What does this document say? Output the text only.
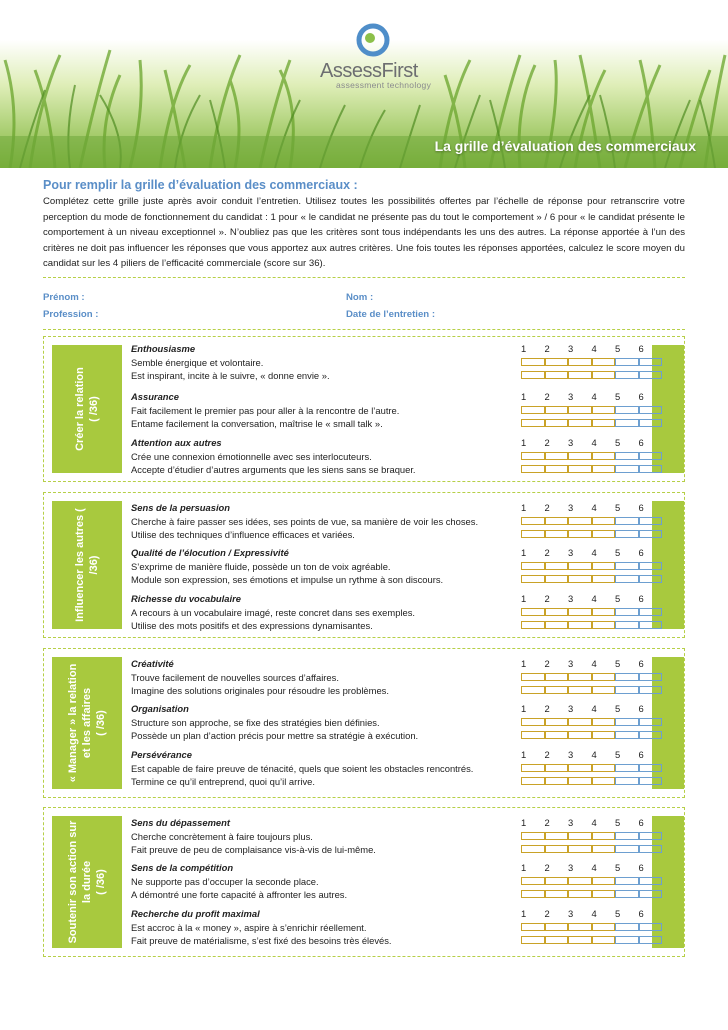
AssessFirst
assessment technology
La grille d’évaluation des commerciaux
Pour remplir la grille d’évaluation des commerciaux :
Complétez cette grille juste après avoir conduit l’entretien. Utilisez toutes les possibilités offertes par l’échelle de réponse pour retranscrire votre perception du mode de fonctionnement du candidat : 1 pour « le candidat ne présente pas du tout le comportement » / 6 pour « le candidat présente le comportement à un niveau exceptionnel ». N’oubliez pas que les critères sont tous indépendants les uns des autres. La réponse apportée à l’un des critères ne doit pas influencer les réponses que vous apportez aux autres critères. Une fois toutes les réponses apportées, calculez le score moyen du candidat sur les 4 piliers de l’efficacité commerciale (score sur 36).
Prénom :	Nom :
Profession :	Date de l’entretien :
Créer la relation ( /36)
Enthousiasme
Semble énergique et volontaire.
Est inspirant, incite à le suivre, « donne envie ».
Assurance
Fait facilement le premier pas pour aller à la rencontre de l’autre.
Entame facilement la conversation, maîtrise le « small talk ».
Attention aux autres
Crée une connexion émotionnelle avec ses interlocuteurs.
Accepte d’étudier d’autres arguments que les siens sans se braquer.
1	2	3	4	5	6
1	2	3	4	5	6
1	2	3	4	5	6
Influencer les autres ( /36)
Sens de la persuasion
Cherche à faire passer ses idées, ses points de vue, sa manière de voir les choses.
Utilise des techniques d’influence efficaces et variées.
Qualité de l’élocution / Expressivité
S’exprime de manière fluide, possède un ton de voix agréable.
Module son expression, ses émotions et impulse un rythme à son discours.
Richesse du vocabulaire
A recours à un vocabulaire imagé, reste concret dans ses exemples.
Utilise des mots positifs et des expressions dynamisantes.
1	2	3	4	5	6
1	2	3	4	5	6
1	2	3	4	5	6
« Manager » la relation et les affaires ( /36)
Créativité
Trouve facilement de nouvelles sources d’affaires.
Imagine des solutions originales pour résoudre les problèmes.
Organisation
Structure son approche, se fixe des stratégies bien définies.
Possède un plan d’action précis pour mettre sa stratégie à exécution.
Persévérance
Est capable de faire preuve de ténacité, quels que soient les obstacles rencontrés.
Termine ce qu’il entreprend, quoi qu’il arrive.
1	2	3	4	5	6
1	2	3	4	5	6
1	2	3	4	5	6
Soutenir son action sur la durée ( /36)
Sens du dépassement
Cherche concrètement à faire toujours plus.
Fait preuve de peu de complaisance vis-à-vis de lui-même.
Sens de la compétition
Ne supporte pas d’occuper la seconde place.
A démontré une forte capacité à affronter les autres.
Recherche du profit maximal
Est accroc à la « money », aspire à s’enrichir réellement.
Fait preuve de matérialisme, s’est fixé des besoins très élevés.
1	2	3	4	5	6
1	2	3	4	5	6
1	2	3	4	5	6
